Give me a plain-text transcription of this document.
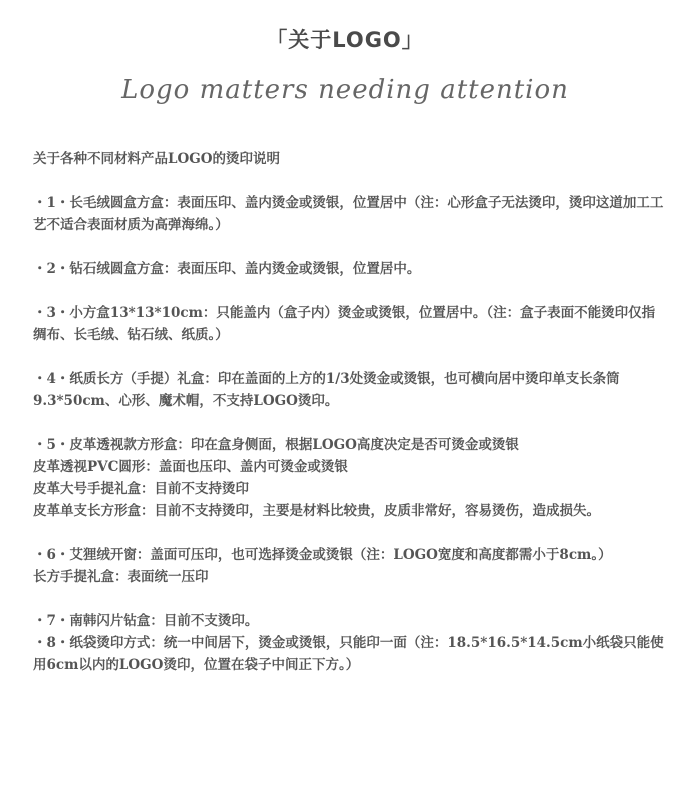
「关于LOGO」
Logo matters needing attention

关于各种不同材料产品LOGO的烫印说明

・1・长毛绒圆盒方盒：表面压印、盖内烫金或烫银，位置居中（注：心形盒子无法烫印，烫印这道加工工艺不适合表面材质为高弹海绵。）

・2・钻石绒圆盒方盒：表面压印、盖内烫金或烫银，位置居中。

・3・小方盒13*13*10cm：只能盖内（盒子内）烫金或烫银，位置居中。（注：盒子表面不能烫印仅指绸布、长毛绒、钻石绒、纸质。）

・4・纸质长方（手提）礼盒：印在盖面的上方的1/3处烫金或烫银，也可横向居中烫印单支长条筒9.3*50cm、心形、魔术帽，不支持LOGO烫印。

・5・皮革透视款方形盒：印在盒身侧面，根据LOGO高度决定是否可烫金或烫银

皮革透视PVC圆形：盖面也压印、盖内可烫金或烫银

皮革大号手提礼盒：目前不支持烫印

皮革单支长方形盒：目前不支持烫印，主要是材料比较贵，皮质非常好，容易烫伤，造成损失。

・6・艾狸绒开窗：盖面可压印，也可选择烫金或烫银（注：LOGO宽度和高度都需小于8cm。）

长方手提礼盒：表面统一压印

・7・南韩闪片钻盒：目前不支烫印。

・8・纸袋烫印方式：统一中间居下，烫金或烫银，只能印一面（注：18.5*16.5*14.5cm小纸袋只能使用6cm以内的LOGO烫印，位置在袋子中间正下方。）
